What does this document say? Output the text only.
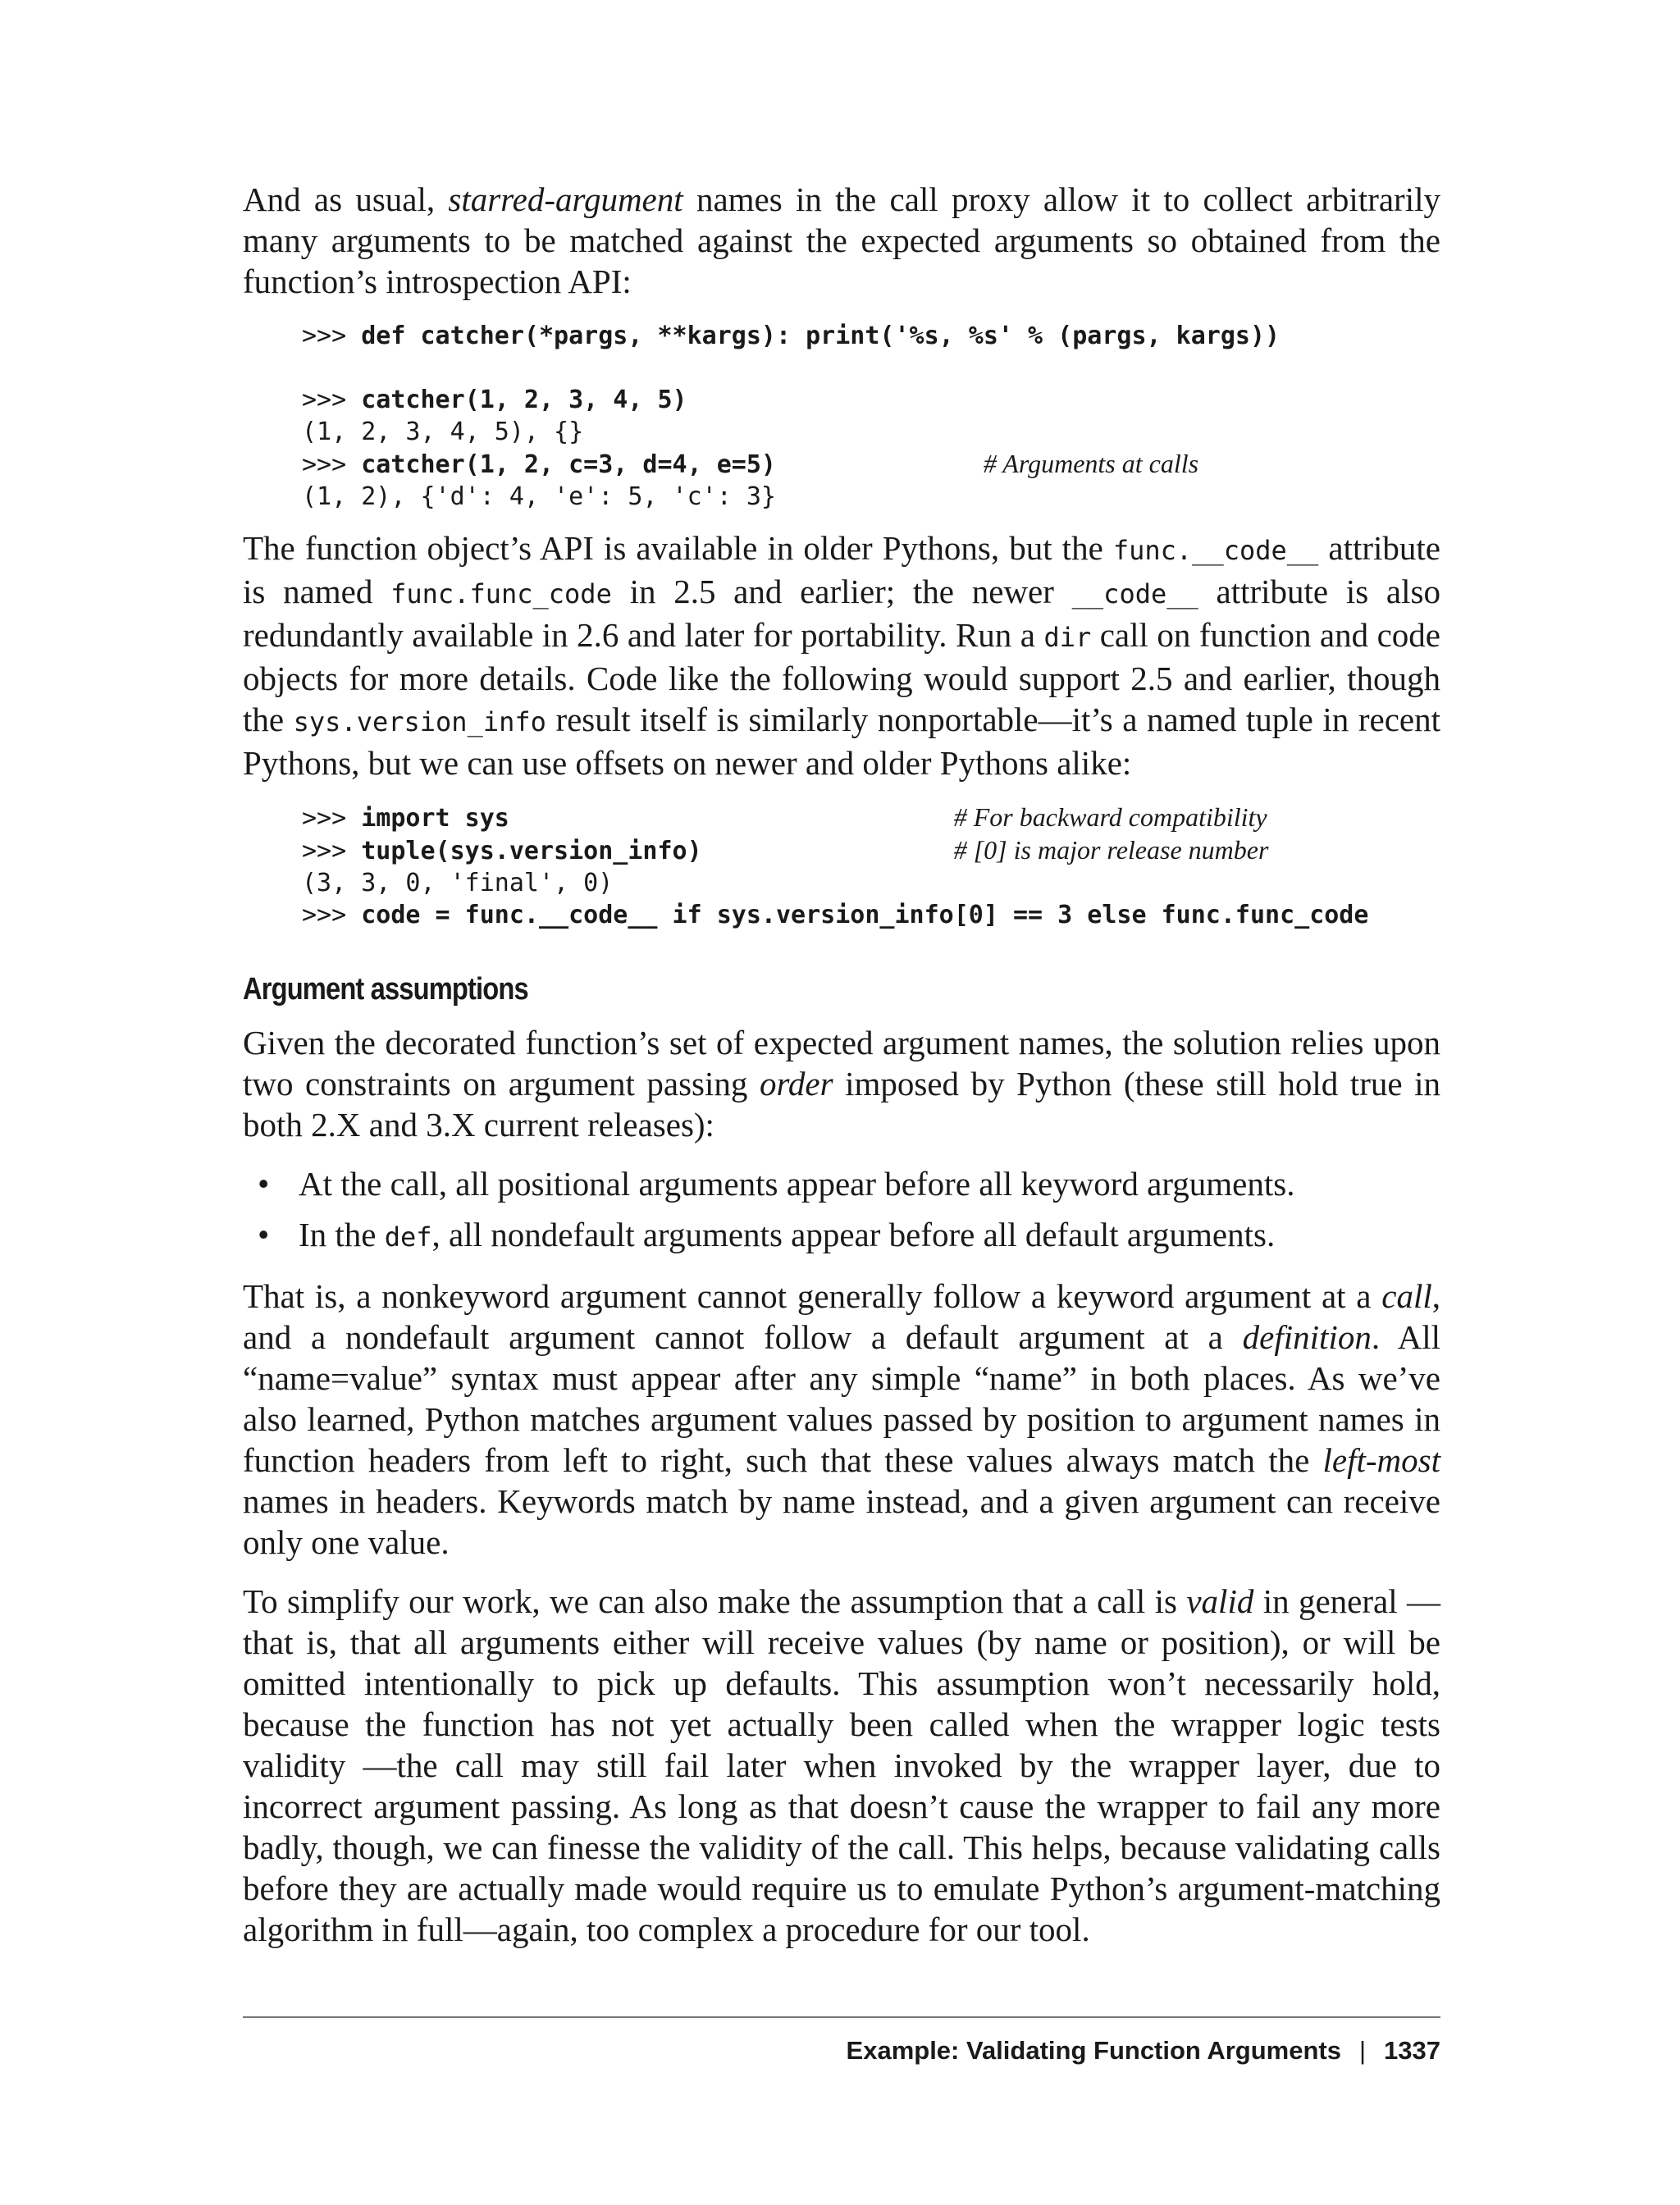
And as usual, starred-argument names in the call proxy allow it to collect arbitrarily many arguments to be matched against the expected arguments so obtained from the function’s introspection API:

>>> def catcher(*pargs, **kargs): print('%s, %s' % (pargs, kargs))

>>> catcher(1, 2, 3, 4, 5)
(1, 2, 3, 4, 5), {}
>>> catcher(1, 2, c=3, d=4, e=5)	# Arguments at calls
(1, 2), {'d': 4, 'e': 5, 'c': 3}

The function object’s API is available in older Pythons, but the func.__code__ attribute is named func.func_code in 2.5 and earlier; the newer __code__ attribute is also redundantly available in 2.6 and later for portability. Run a dir call on function and code objects for more details. Code like the following would support 2.5 and earlier, though the sys.version_info result itself is similarly nonportable—it’s a named tuple in recent Pythons, but we can use offsets on newer and older Pythons alike:

>>> import sys	# For backward compatibility
>>> tuple(sys.version_info)	# [0] is major release number
(3, 3, 0, 'final', 0)
>>> code = func.__code__ if sys.version_info[0] == 3 else func.func_code
Argument assumptions

Given the decorated function’s set of expected argument names, the solution relies upon two constraints on argument passing order imposed by Python (these still hold true in both 2.X and 3.X current releases):

• At the call, all positional arguments appear before all keyword arguments.
• In the def, all nondefault arguments appear before all default arguments.

That is, a nonkeyword argument cannot generally follow a keyword argument at a call, and a nondefault argument cannot follow a default argument at a definition. All “name=value” syntax must appear after any simple “name” in both places. As we’ve also learned, Python matches argument values passed by position to argument names in function headers from left to right, such that these values always match the left-most names in headers. Keywords match by name instead, and a given argument can receive only one value.

To simplify our work, we can also make the assumption that a call is valid in general —that is, that all arguments either will receive values (by name or position), or will be omitted intentionally to pick up defaults. This assumption won’t necessarily hold, because the function has not yet actually been called when the wrapper logic tests validity —the call may still fail later when invoked by the wrapper layer, due to incorrect argument passing. As long as that doesn’t cause the wrapper to fail any more badly, though, we can finesse the validity of the call. This helps, because validating calls before they are actually made would require us to emulate Python’s argument-matching algorithm in full—again, too complex a procedure for our tool.

Example: Validating Function Arguments | 1337
